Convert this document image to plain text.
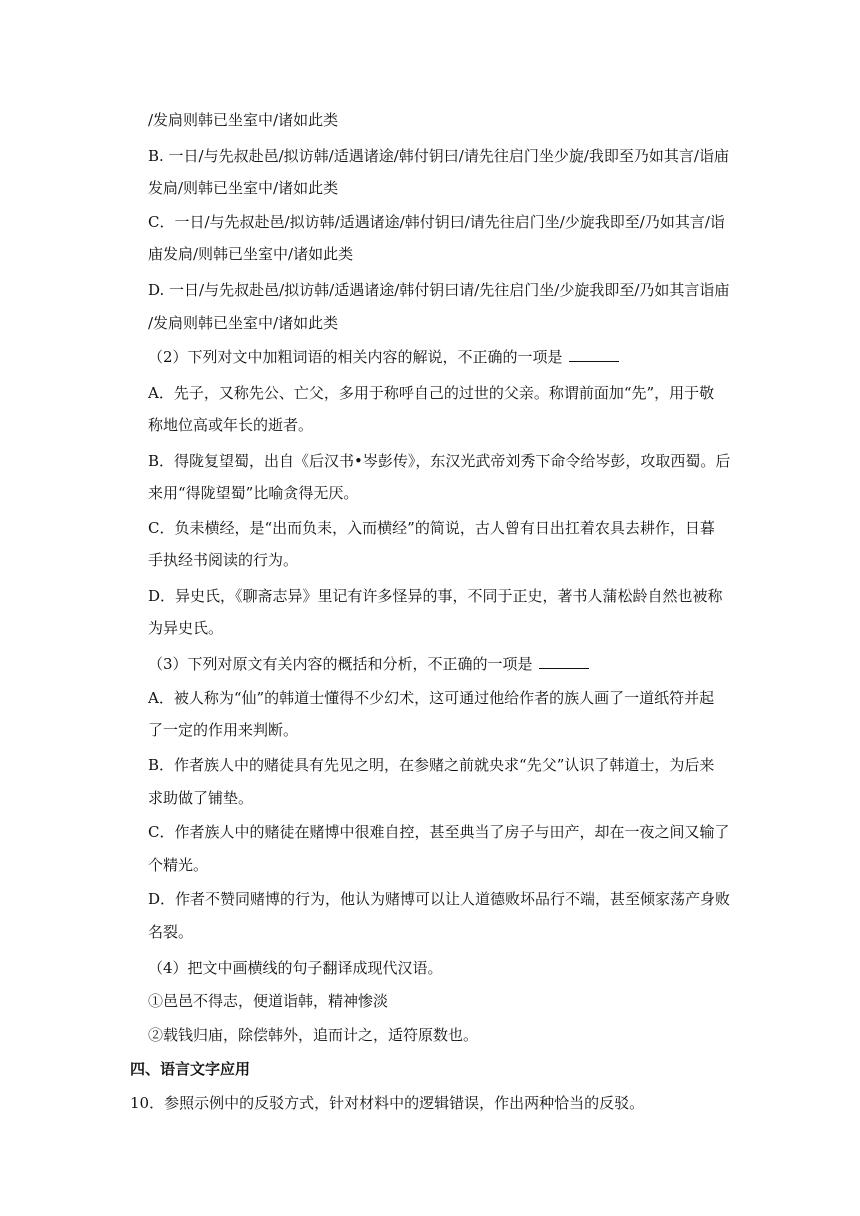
/发扃则韩已坐室中/诸如此类
B. 一日/与先叔赴邑/拟访韩/适遇诸途/韩付钥曰/请先往启门坐少旋/我即至乃如其言/诣庙
发扃/则韩已坐室中/诸如此类
C．一日/与先叔赴邑/拟访韩/适遇诸途/韩付钥曰/请先往启门坐/少旋我即至/乃如其言/诣
庙发扃/则韩已坐室中/诸如此类
D. 一日/与先叔赴邑/拟访韩/适遇诸途/韩付钥曰请/先往启门坐/少旋我即至/乃如其言诣庙
/发扃则韩已坐室中/诸如此类
（2）下列对文中加粗词语的相关内容的解说，不正确的一项是
A．先子，又称先公、亡父，多用于称呼自己的过世的父亲。称谓前面加“先”，用于敬
称地位高或年长的逝者。
B．得陇复望蜀，出自《后汉书•岑彭传》，东汉光武帝刘秀下命令给岑彭，攻取西蜀。后
来用“得陇望蜀”比喻贪得无厌。
C．负耒横经，是“出而负耒，入而横经”的简说，古人曾有日出扛着农具去耕作，日暮
手执经书阅读的行为。
D．异史氏，《聊斋志异》里记有许多怪异的事，不同于正史，著书人蒲松龄自然也被称
为异史氏。
（3）下列对原文有关内容的概括和分析，不正确的一项是
A．被人称为“仙”的韩道士懂得不少幻术，这可通过他给作者的族人画了一道纸符并起
了一定的作用来判断。
B．作者族人中的赌徒具有先见之明，在参赌之前就央求“先父”认识了韩道士，为后来
求助做了铺垫。
C．作者族人中的赌徒在赌博中很难自控，甚至典当了房子与田产，却在一夜之间又输了
个精光。
D．作者不赞同赌博的行为，他认为赌博可以让人道德败坏品行不端，甚至倾家荡产身败
名裂。
（4）把文中画横线的句子翻译成现代汉语。
①邑邑不得志，便道诣韩，精神惨淡
②载钱归庙，除偿韩外，追而计之，适符原数也。
四、语言文字应用
10．参照示例中的反驳方式，针对材料中的逻辑错误，作出两种恰当的反驳。
